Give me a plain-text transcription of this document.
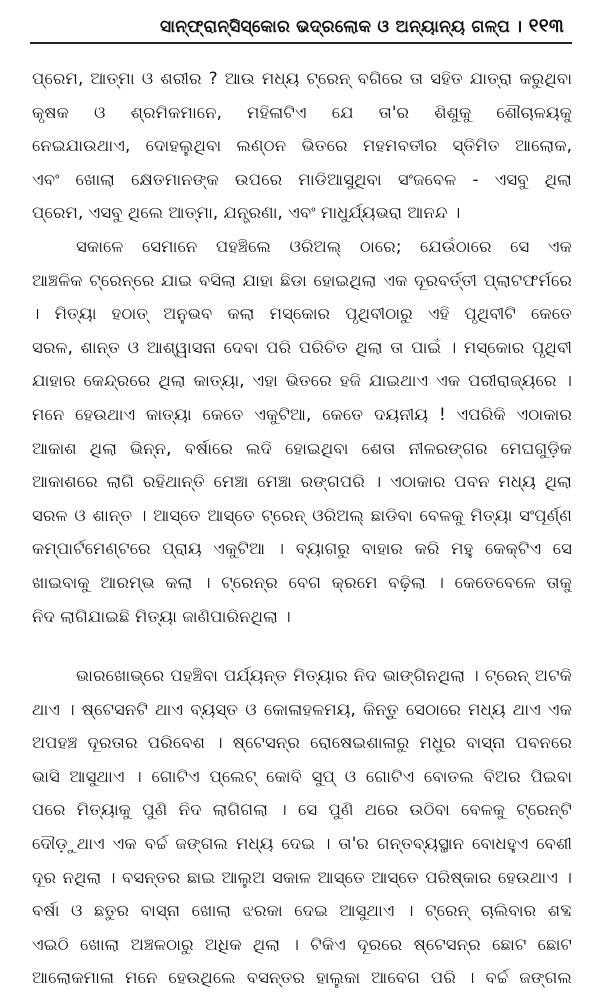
ସାନ୍‌ଫ୍ରାନ୍‌ସିସ୍କୋର ଭଦ୍ରଲୋକ ଓ ଅନ୍ୟାନ୍ୟ ଗଳ୍ପ । ୧୧୩
ପ୍ରେମ, ଆତ୍ମା ଓ ଶରୀର ? ଆଉ ମଧ୍ୟ ଟ୍ରେନ୍ ବଗିରେ ତା ସହିତ ଯାତ୍ରା କରୁଥିବା
କୃଷକ ଓ ଶ୍ରମିକମାନେ, ମହିଳାଟିଏ ଯେ ତା'ର ଶିଶୁକୁ ଶୌଚାଳୟକୁ
ନେଇଯାଉଥାଏ, ଦୋହଲୁଥିବା ଲଣ୍ଠନ ଭିତରେ ମହମବତୀର ସ୍ତିମିତ ଆଲୋକ,
ଏବଂ ଖୋଲା କ୍ଷେତମାନଙ୍କ ଉପରେ ମାଡିଆସୁଥିବା ସଂଜବେଳ - ଏସବୁ ଥିଲା
ପ୍ରେମ, ଏସବୁ ଥିଲେ ଆତ୍ମା, ଯନ୍ତ୍ରଣା, ଏବଂ ମାଧୁର୍ଯ୍ୟଭରା ଆନନ୍ଦ ।
ସକାଳେ ସେମାନେ ପହଞ୍ଚିଲେ ଓରିଅଲ୍ ଠାରେ; ଯେଉଁଠାରେ ସେ ଏକ
ଆଞ୍ଚଳିକ ଟ୍ରେନ୍‌ରେ ଯାଇ ବସିଲା ଯାହା ଛିଡା ହୋଇଥିଲା ଏକ ଦୂରବର୍ତ୍ତୀ ପ୍ଲାଟଫର୍ମରେ
। ମିତ୍ୟା ହଠାତ୍ ଅନୁଭବ କଲା ମସ୍କୋର ପୃଥିବୀଠାରୁ ଏହି ପୃଥିବୀଟି କେତେ
ସରଳ, ଶାନ୍ତ ଓ ଆଶ୍ୱାସନା ଦେବା ପରି ପରିଚିତ ଥିଲା ତା ପାଇଁ । ମସ୍କୋର ପୃଥିବୀ
ଯାହାର କେନ୍ଦ୍ରରେ ଥିଲା କାତ୍ୟା, ଏହା ଭିତରେ ହଜି ଯାଇଥାଏ ଏକ ପରୀରାଜ୍ୟରେ ।
ମନେ ହେଉଥାଏ କାତ୍ୟା କେତେ ଏକୁଟିଆ, କେତେ ଦୟନୀୟ ! ଏପରିକି ଏଠାକାର
ଆକାଶ ଥିଲା ଭିନ୍ନ, ବର୍ଷାରେ ଲଦି ହୋଇଥିବା ଶେତା ନୀଳରଙ୍ଗର ମେଘଗୁଡ଼ିକ
ଆକାଶରେ ଲାଗି ରହିଥାନ୍ତି ମେଞ୍ଚା ମେଞ୍ଚା ରଙ୍ଗପରି । ଏଠାକାର ପବନ ମଧ୍ୟ ଥିଲା
ସରଳ ଓ ଶାନ୍ତ । ଆସ୍ତେ ଆସ୍ତେ ଟ୍ରେନ୍ ଓରିଅଲ୍ ଛାଡିବା ବେଳକୁ ମିତ୍ୟା ସଂପୂର୍ଣ୍ଣ
କମ୍ପାର୍ଟମେଣ୍ଟରେ ପ୍ରାୟ ଏକୁଟିଆ । ବ୍ୟାଗରୁ ବାହାର କରି ମହୁ କେକ୍‌ଟିଏ ସେ
ଖାଇବାକୁ ଆରମ୍ଭ କଲା । ଟ୍ରେନ୍‌ର ବେଗ କ୍ରମେ ବଢ଼ିଲା । କେତେବେଳେ ତାକୁ
ନିଦ ଲାଗିଯାଇଛି ମିତ୍ୟା ଜାଣିପାରିନଥିଲା ।
ଭାରଖୋଭ୍‌ରେ ପହଞ୍ଚିବା ପର୍ଯ୍ୟନ୍ତ ମିତ୍ୟାର ନିଦ ଭାଙ୍ଗିନଥିଲା । ଟ୍ରେନ୍ ଅଟକି
ଥାଏ । ଷ୍ଟେସନଟି ଥାଏ ବ୍ୟସ୍ତ ଓ କୋଳାହଳମୟ, କିନ୍ତୁ ସେଠାରେ ମଧ୍ୟ ଥାଏ ଏକ
ଅପହଞ୍ଚ ଦୂରତାର ପରିବେଶ । ଷ୍ଟେସନ୍‌ର ରୋଷେଇଶାଳାରୁ ମଧୁର ବାସ୍ନା ପବନରେ
ଭାସି ଆସୁଥାଏ । ଗୋଟିଏ ପ୍ଲେଟ୍ କୋବି ସୁପ୍ ଓ ଗୋଟିଏ ବୋତଲ ବିଅର ପିଇବା
ପରେ ମିତ୍ୟାକୁ ପୁଣି ନିଦ ଲାଗିଗଲା । ସେ ପୁଣି ଥରେ ଉଠିବା ବେଳକୁ ଟ୍ରେନ୍‌ଟି
ଦୌଡ଼ୁଥାଏ ଏକ ବର୍ଚ୍ଚ ଜଙ୍ଗଲ ମଧ୍ୟ ଦେଇ । ତା'ର ଗନ୍ତବ୍ୟସ୍ଥାନ ବୋଧହୁଏ ବେଶୀ
ଦୂର ନଥିଲା । ବସନ୍ତର ଛାଇ ଆଲୁଅ ସକାଳ ଆସ୍ତେ ଆସ୍ତେ ପରିଷ୍କାର ହେଉଥାଏ ।
ବର୍ଷା ଓ ଛତୁର ବାସ୍ନା ଖୋଲା ଝରକା ଦେଇ ଆସୁଥାଏ । ଟ୍ରେନ୍ ଚାଲିବାର ଶବ୍ଦ
ଏଇଠି ଖୋଲା ଅଞ୍ଚଳଠାରୁ ଅଧିକ ଥିଲା । ଟିକିଏ ଦୂରରେ ଷ୍ଟେସନ୍‌ର ଛୋଟ ଛୋଟ
ଆଲୋକମାଳା ମନେ ହେଉଥିଲେ ବସନ୍ତର ହାଲୁକା ଆବେଗ ପରି । ବର୍ଚ୍ଚ ଜଙ୍ଗଲ
